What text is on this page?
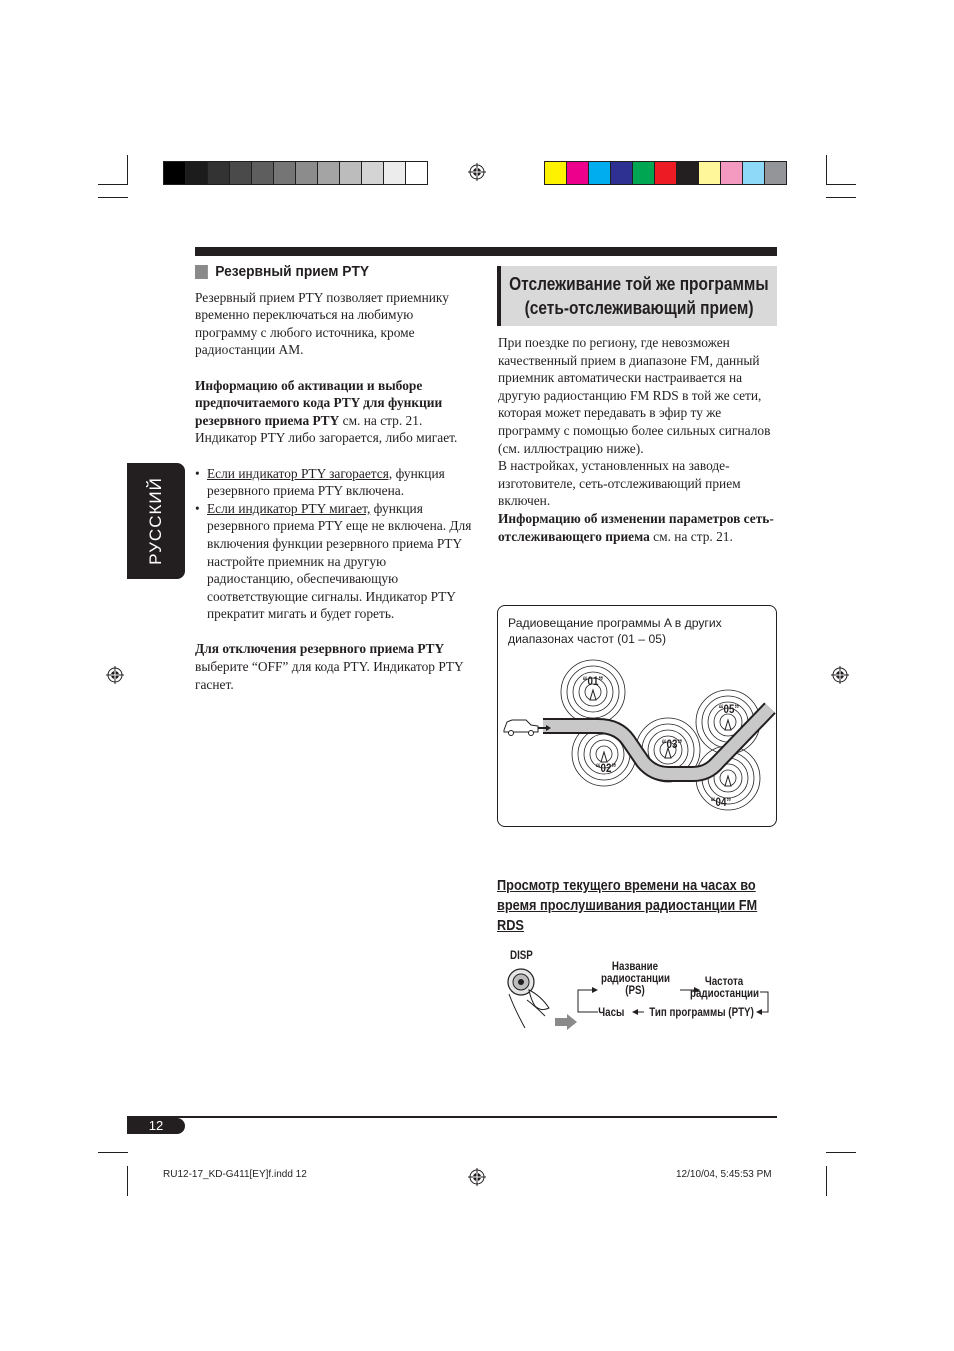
Резервный прием PTY

Резервный прием PTY позволяет приемнику временно переключаться на любимую программу с любого источника, кроме радиостанции AM.

Информацию об активации и выборе предпочитаемого кода PTY для функции резервного приема PTY см. на стр. 21. Индикатор PTY либо загорается, либо мигает.

• Если индикатор PTY загорается, функция резервного приема PTY включена.

• Если индикатор PTY мигает, функция резервного приема PTY еще не включена. Для включения функции резервного приема PTY настройте приемник на другую радиостанцию, обеспечивающую соответствующие сигналы. Индикатор PTY прекратит мигать и будет гореть.

Для отключения резервного приема PTY выберите “OFF” для кода PTY. Индикатор PTY гаснет.

РУССКИЙ
Отслеживание той же программы
(сеть-отслеживающий прием)

При поездке по региону, где невозможен качественный прием в диапазоне FM, данный приемник автоматически настраивается на другую радиостанцию FM RDS в той же сети, которая может передавать в эфир ту же программу с помощью более сильных сигналов (см. иллюстрацию ниже).

В настройках, установленных на заводе-изготовителе, сеть-отслеживающий прием включен.

Информацию об изменении параметров сеть-отслеживающего приема см. на стр. 21.

Радиовещание программы A в других диапазонах частот (01 – 05)
“01”
“02”
“03”
“04”
“05”
Просмотр текущего времени на часах во
время прослушивания радиостанции FM
RDS
DISP
Название
радиостанции
(PS)
Частота
радиостанции
Часы Тип программы (PTY)
12
RU12-17_KD-G411[EY]f.indd 12	12/10/04, 5:45:53 PM
